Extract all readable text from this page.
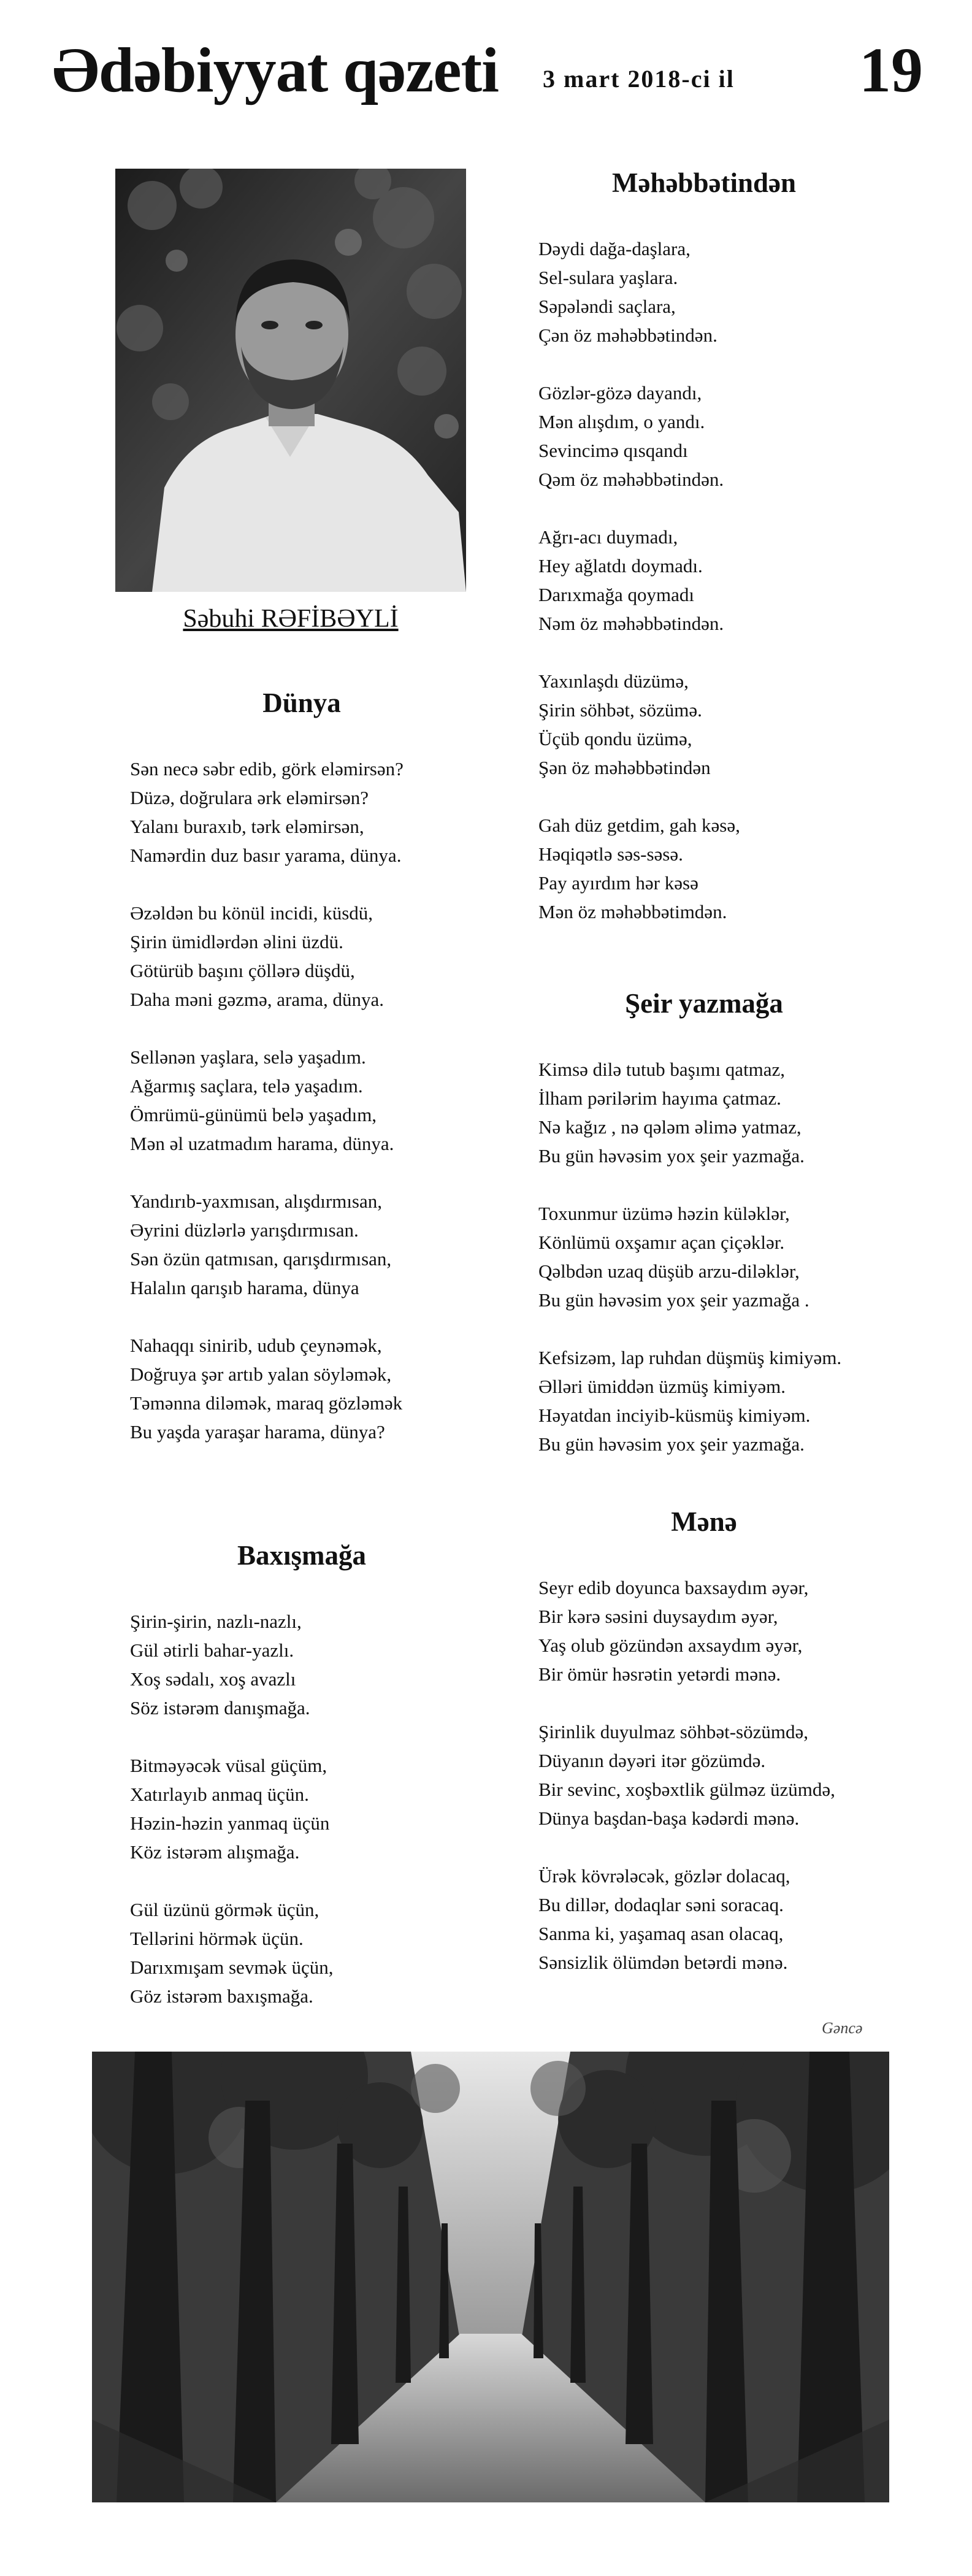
Ədəbiyyat qəzeti 3 mart 2018-ci il 19
Səbuhi RƏFİBƏYLİ
Dünya
Sən necə səbr edib, görk eləmirsən?
Düzə, doğrulara ərk eləmirsən?
Yalanı buraxıb, tərk eləmirsən,
Namərdin duz basır yarama, dünya.
Əzəldən bu könül incidi, küsdü,
Şirin ümidlərdən əlini üzdü.
Götürüb başını çöllərə düşdü,
Daha məni gəzmə, arama, dünya.
Sellənən yaşlara, selə yaşadım.
Ağarmış saçlara, telə yaşadım.
Ömrümü-günümü belə yaşadım,
Mən əl uzatmadım harama, dünya.
Yandırıb-yaxmısan, alışdırmısan,
Əyrini düzlərlə yarışdırmısan.
Sən özün qatmısan, qarışdırmısan,
Halalın qarışıb harama, dünya
Nahaqqı sinirib, udub çeynəmək,
Doğruya şər artıb yalan söyləmək,
Təmənna diləmək, maraq gözləmək
Bu yaşda yaraşar harama, dünya?
Baxışmağa
Şirin-şirin, nazlı-nazlı,
Gül ətirli bahar-yazlı.
Xoş sədalı, xoş avazlı
Söz istərəm danışmağa.
Bitməyəcək vüsal güçüm,
Xatırlayıb anmaq üçün.
Həzin-həzin yanmaq üçün
Köz istərəm alışmağa.
Gül üzünü görmək üçün,
Tellərini hörmək üçün.
Darıxmışam sevmək üçün,
Göz istərəm baxışmağa.
Məhəbbətindən
Dəydi dağa-daşlara,
Sel-sulara yaşlara.
Səpələndi saçlara,
Çən öz məhəbbətindən.
Gözlər-gözə dayandı,
Mən alışdım, o yandı.
Sevincimə qısqandı
Qəm öz məhəbbətindən.
Ağrı-acı duymadı,
Hey ağlatdı doymadı.
Darıxmağa qoymadı
Nəm öz məhəbbətindən.
Yaxınlaşdı düzümə,
Şirin söhbət, sözümə.
Üçüb qondu üzümə,
Şən öz məhəbbətindən
Gah düz getdim, gah kəsə,
Həqiqətlə səs-səsə.
Pay ayırdım hər kəsə
Mən öz məhəbbətimdən.
Şeir yazmağa
Kimsə dilə tutub başımı qatmaz,
İlham pərilərim hayıma çatmaz.
Nə kağız , nə qələm əlimə yatmaz,
Bu gün həvəsim yox şeir yazmağa.
Toxunmur üzümə həzin küləklər,
Könlümü oxşamır açan çiçəklər.
Qəlbdən uzaq düşüb arzu-diləklər,
Bu gün həvəsim yox şeir yazmağa .
Kefsizəm, lap ruhdan düşmüş kimiyəm.
Əlləri ümiddən üzmüş kimiyəm.
Həyatdan inciyib-küsmüş kimiyəm.
Bu gün həvəsim yox şeir yazmağa.
Mənə
Seyr edib doyunca baxsaydım əyər,
Bir kərə səsini duysaydım əyər,
Yaş olub gözündən axsaydım əyər,
Bir ömür həsrətin yetərdi mənə.
Şirinlik duyulmaz söhbət-sözümdə,
Düyanın dəyəri itər gözümdə.
Bir sevinc, xoşbəxtlik gülməz üzümdə,
Dünya başdan-başa kədərdi mənə.
Ürək kövrələcək, gözlər dolacaq,
Bu dillər, dodaqlar səni soracaq.
Sanma ki, yaşamaq asan olacaq,
Sənsizlik ölümdən betərdi mənə.
Gəncə
